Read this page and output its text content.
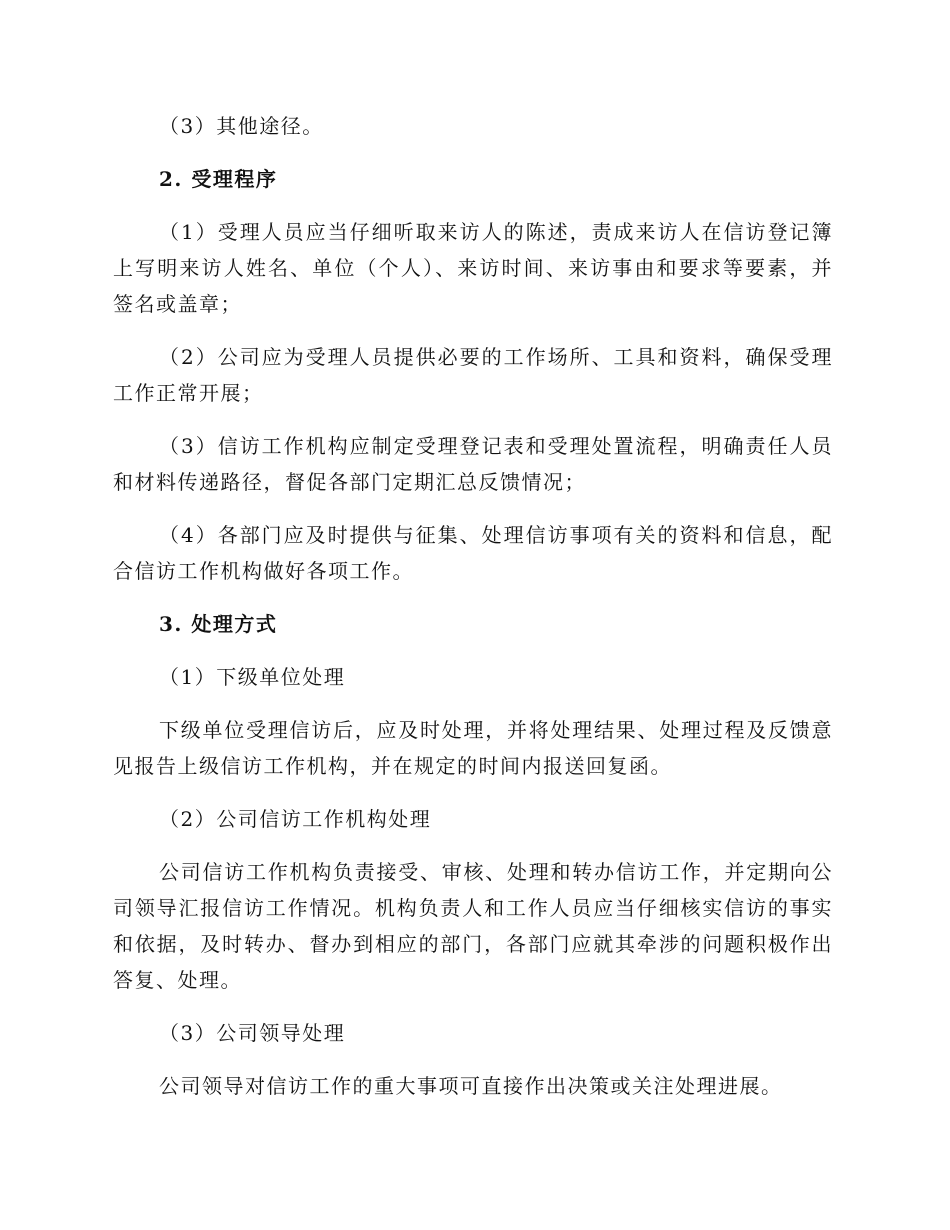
（3）其他途径。

2. 受理程序

（1）受理人员应当仔细听取来访人的陈述，责成来访人在信访登记簿上写明来访人姓名、单位（个人）、来访时间、来访事由和要求等要素，并签名或盖章；

（2）公司应为受理人员提供必要的工作场所、工具和资料，确保受理工作正常开展；

（3）信访工作机构应制定受理登记表和受理处置流程，明确责任人员和材料传递路径，督促各部门定期汇总反馈情况；

（4）各部门应及时提供与征集、处理信访事项有关的资料和信息，配合信访工作机构做好各项工作。

3. 处理方式

（1）下级单位处理

下级单位受理信访后，应及时处理，并将处理结果、处理过程及反馈意见报告上级信访工作机构，并在规定的时间内报送回复函。

（2）公司信访工作机构处理

公司信访工作机构负责接受、审核、处理和转办信访工作，并定期向公司领导汇报信访工作情况。机构负责人和工作人员应当仔细核实信访的事实和依据，及时转办、督办到相应的部门，各部门应就其牵涉的问题积极作出答复、处理。

（3）公司领导处理

公司领导对信访工作的重大事项可直接作出决策或关注处理进展。
